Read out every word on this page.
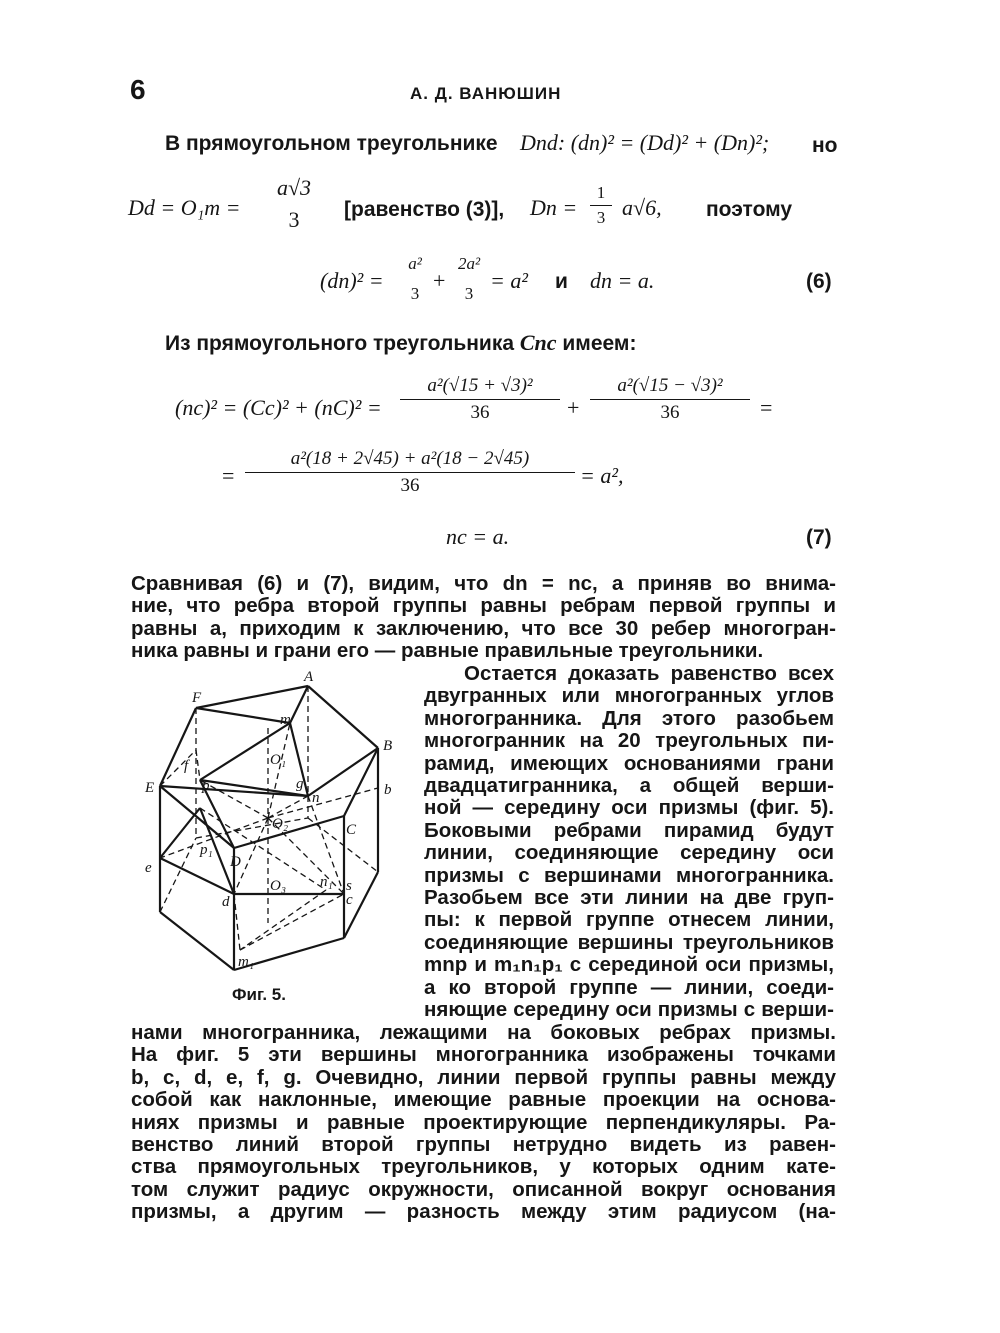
6	А. Д. ВАНЮШИН
В прямоугольном треугольнике Dnd: (dn)² = (Dd)² + (Dn)²; но
Dd = O₁m =
a√3
3	[равенство (3)], Dn =
1
3 a√6, поэтому
(dn)² =
a²
3
+
2a²
3
= a² и dn = a.	(6)
Из прямоугольного треугольника Cnc имеем:
(nc)² = (Cc)² + (nC)² =
a²(√15 + √3)²
36	+
a²(√15 − √3)²
36	=
=
a²(18 + 2√45) + a²(18 − 2√45)
36	= a²,
nc = a.	(7)
Сравнивая (6) и (7), видим, что dn = nc, а приняв во внима-
ние, что ребра второй группы равны ребрам первой группы и
равны a, приходим к заключению, что все 30 ребер многогран-
ника равны и грани его — равные правильные треугольники.
Остается доказать равенство всех
двугранных или многогранных углов
многогранника. Для этого разобьем
многогранник на 20 треугольных пи-
рамид, имеющих основаниями грани
двадцатигранника, а общей верши-
ной — середину оси призмы (фиг. 5).
Боковыми ребрами пирамид будут
линии, соединяющие середину оси
призмы с вершинами многогранника.
Разобьем все эти линии на две груп-
пы: к первой группе отнесем линии,
соединяющие вершины треугольников
mnp и m₁n₁p₁ с серединой оси призмы,
а ко второй группе — линии, соеди-
няющие середину оси призмы с верши-
нами многогранника, лежащими на боковых ребрах призмы.
На фиг. 5 эти вершины многогранника изображены точками
b, c, d, e, f, g. Очевидно, линии первой группы равны между
собой как наклонные, имеющие равные проекции на основа-
ниях призмы и равные проектирующие перпендикуляры. Ра-
венство линий второй группы нетрудно видеть из равен-
ства прямоугольных треугольников, у которых одним кате-
том служит радиус окружности, описанной вокруг основания
призмы, а другим — разность между этим радиусом (на-
F
A
B
C
D
E
m
n
p
O₁
O₂
O₃
b
c
d
e
f
g
s
m₁
n₁
p₁
Фиг. 5.
